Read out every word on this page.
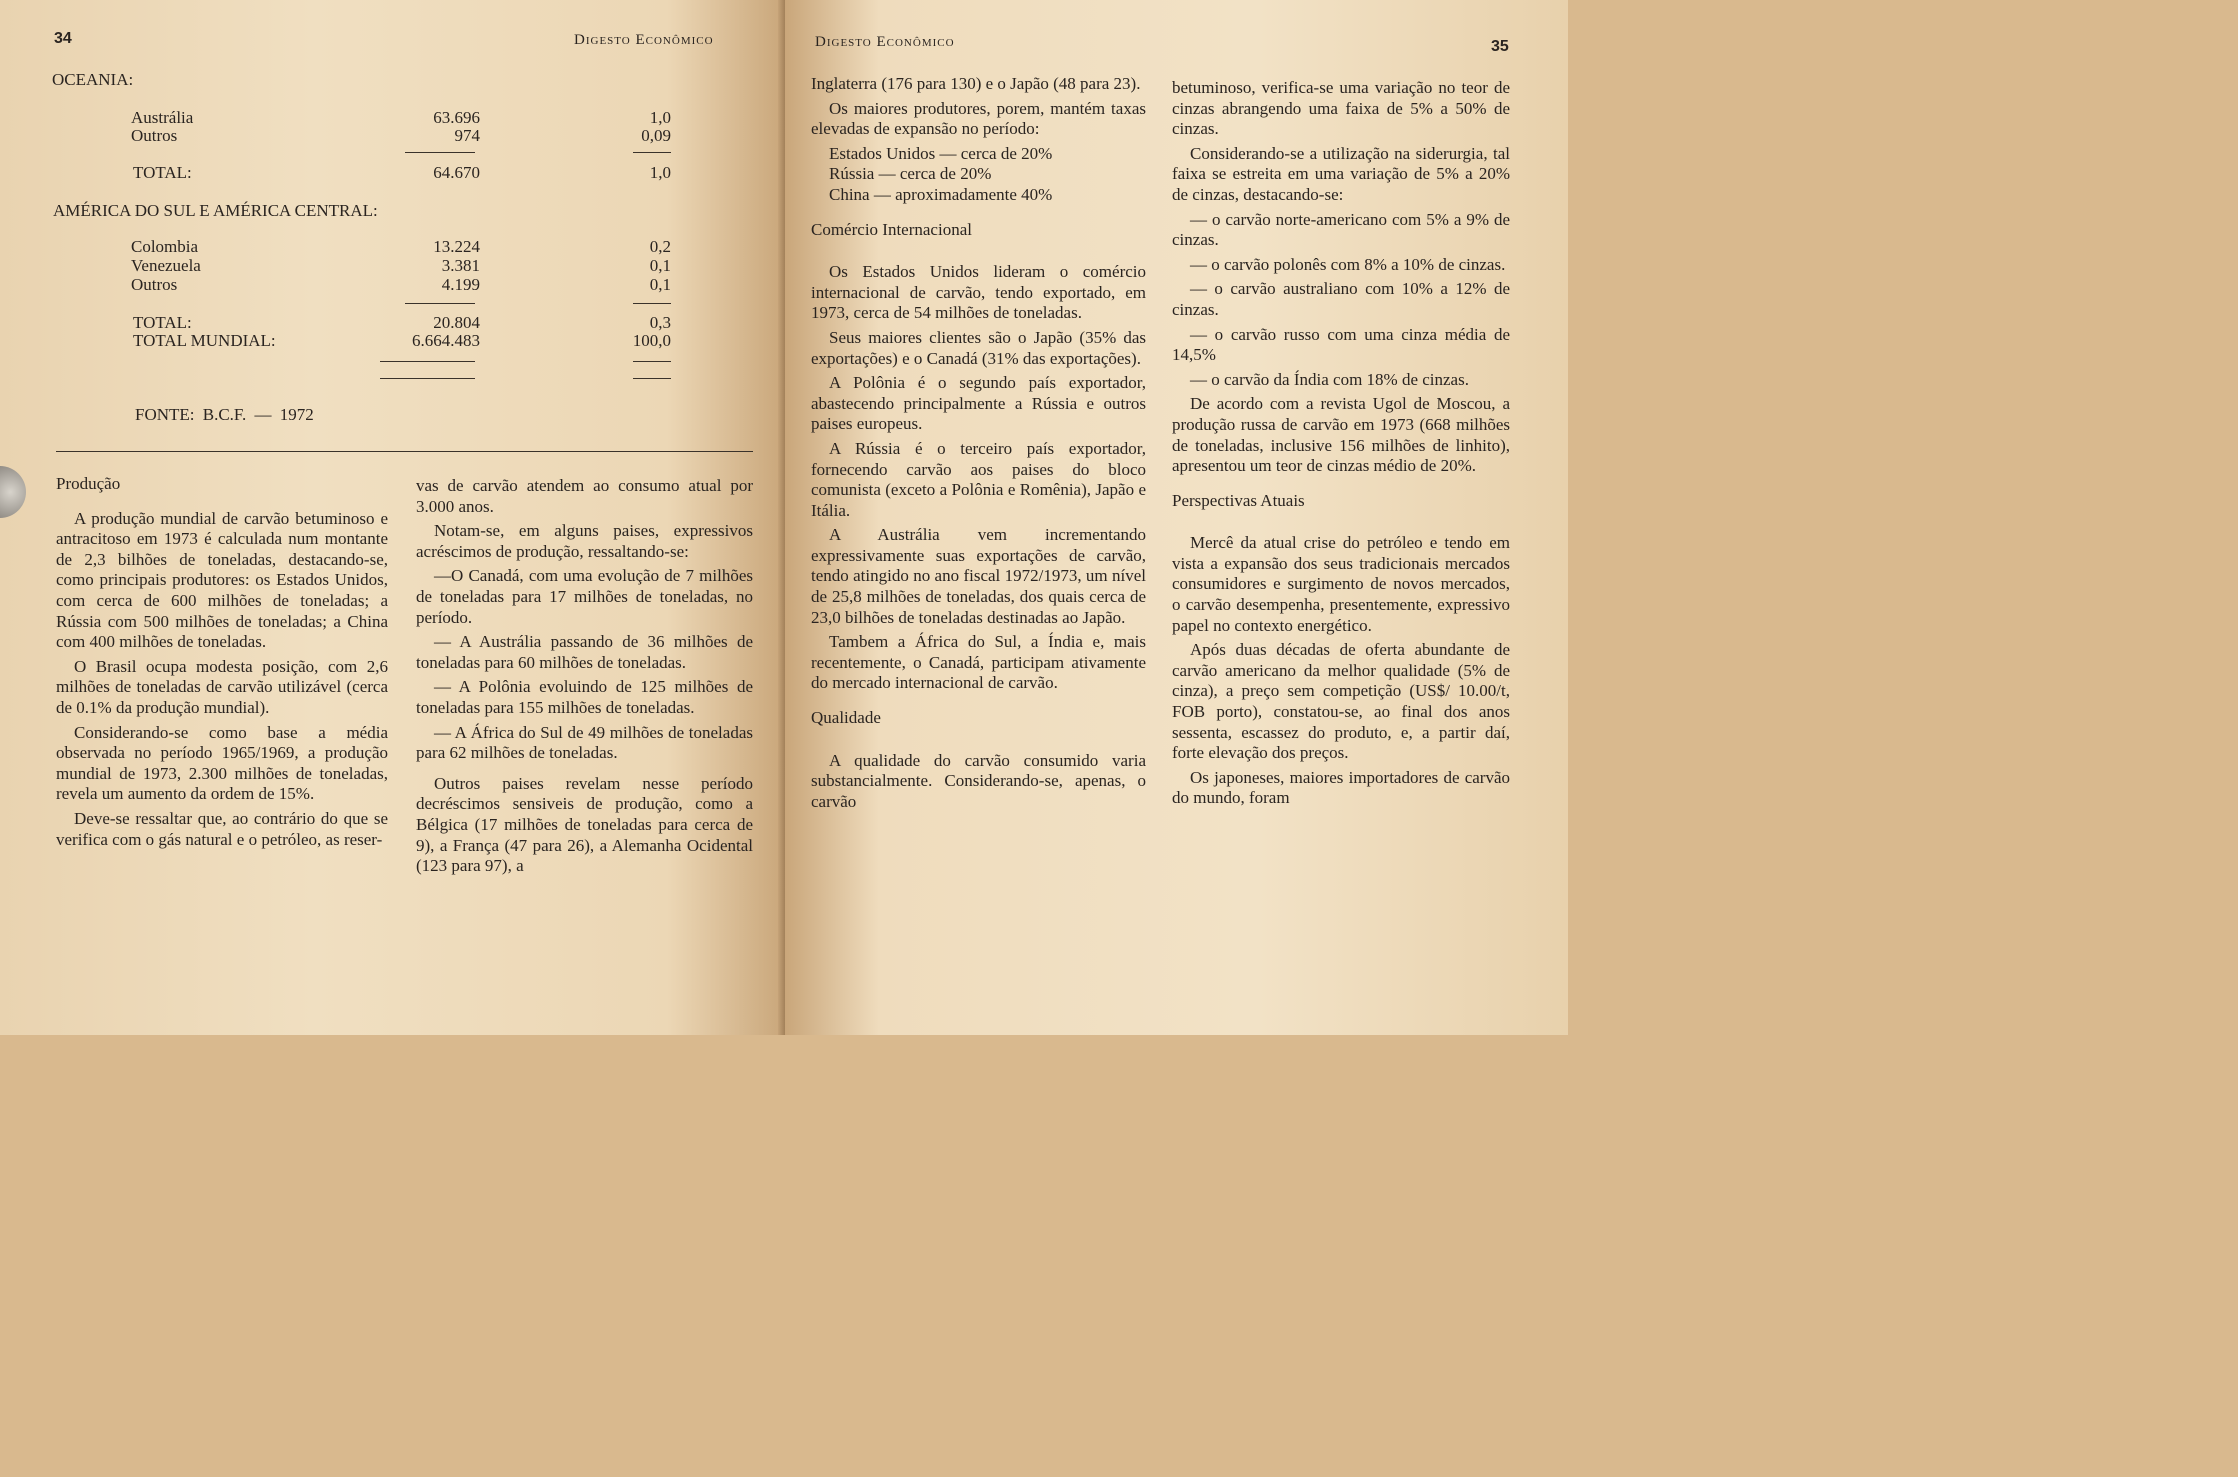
34	Digesto Econômico
OCEANIA:
Austrália	63.696	1,0
Outros	974	0,09
TOTAL:	64.670	1,0
AMÉRICA DO SUL E AMÉRICA CENTRAL:
Colombia	13.224	0,2
Venezuela	3.381	0,1
Outros	4.199	0,1
TOTAL:	20.804	0,3
TOTAL MUNDIAL:	6.664.483	100,0
FONTE: B.C.F. — 1972

Produção

A produção mundial de carvão betuminoso e antracitoso em 1973 é calculada num montante de 2,3 bilhões de toneladas, destacando-se, como principais produtores: os Estados Unidos, com cerca de 600 milhões de toneladas; a Rússia com 500 milhões de toneladas; a China com 400 milhões de toneladas.

O Brasil ocupa modesta posição, com 2,6 milhões de toneladas de carvão utilizável (cerca de 0.1% da produção mundial).

Considerando-se como base a média observada no período 1965/1969, a produção mundial de 1973, 2.300 milhões de toneladas, revela um aumento da ordem de 15%.

Deve-se ressaltar que, ao contrário do que se verifica com o gás natural e o petróleo, as reser-

vas de carvão atendem ao consumo atual por 3.000 anos.

Notam-se, em alguns paises, expressivos acréscimos de produção, ressaltando-se:

—O Canadá, com uma evolução de 7 milhões de toneladas para 17 milhões de toneladas, no período.

— A Austrália passando de 36 milhões de toneladas para 60 milhões de toneladas.

— A Polônia evoluindo de 125 milhões de toneladas para 155 milhões de toneladas.

— A África do Sul de 49 milhões de toneladas para 62 milhões de toneladas.

Outros paises revelam nesse período decréscimos sensiveis de produção, como a Bélgica (17 milhões de toneladas para cerca de 9), a França (47 para 26), a Alemanha Ocidental (123 para 97), a

Digesto Econômico	35

Inglaterra (176 para 130) e o Japão (48 para 23).

Os maiores produtores, porem, mantém taxas elevadas de expansão no período:

Estados Unidos — cerca de 20%
Rússia — cerca de 20%
China — aproximadamente 40%

Comércio Internacional

Os Estados Unidos lideram o comércio internacional de carvão, tendo exportado, em 1973, cerca de 54 milhões de toneladas.

Seus maiores clientes são o Japão (35% das exportações) e o Canadá (31% das exportações).

A Polônia é o segundo país exportador, abastecendo principalmente a Rússia e outros paises europeus.

A Rússia é o terceiro país exportador, fornecendo carvão aos paises do bloco comunista (exceto a Polônia e Romênia), Japão e Itália.

A Austrália vem incrementando expressivamente suas exportações de carvão, tendo atingido no ano fiscal 1972/1973, um nível de 25,8 milhões de toneladas, dos quais cerca de 23,0 bilhões de toneladas destinadas ao Japão.

Tambem a África do Sul, a Índia e, mais recentemente, o Canadá, participam ativamente do mercado internacional de carvão.

Qualidade

A qualidade do carvão consumido varia substancialmente. Considerando-se, apenas, o carvão

betuminoso, verifica-se uma variação no teor de cinzas abrangendo uma faixa de 5% a 50% de cinzas.

Considerando-se a utilização na siderurgia, tal faixa se estreita em uma variação de 5% a 20% de cinzas, destacando-se:

— o carvão norte-americano com 5% a 9% de cinzas.

— o carvão polonês com 8% a 10% de cinzas.

— o carvão australiano com 10% a 12% de cinzas.

— o carvão russo com uma cinza média de 14,5%

— o carvão da Índia com 18% de cinzas.

De acordo com a revista Ugol de Moscou, a produção russa de carvão em 1973 (668 milhões de toneladas, inclusive 156 milhões de linhito), apresentou um teor de cinzas médio de 20%.

Perspectivas Atuais

Mercê da atual crise do petróleo e tendo em vista a expansão dos seus tradicionais mercados consumidores e surgimento de novos mercados, o carvão desempenha, presentemente, expressivo papel no contexto energético.

Após duas décadas de oferta abundante de carvão americano da melhor qualidade (5% de cinza), a preço sem competição (US$/ 10.00/t, FOB porto), constatou-se, ao final dos anos sessenta, escassez do produto, e, a partir daí, forte elevação dos preços.

Os japoneses, maiores importadores de carvão do mundo, foram
